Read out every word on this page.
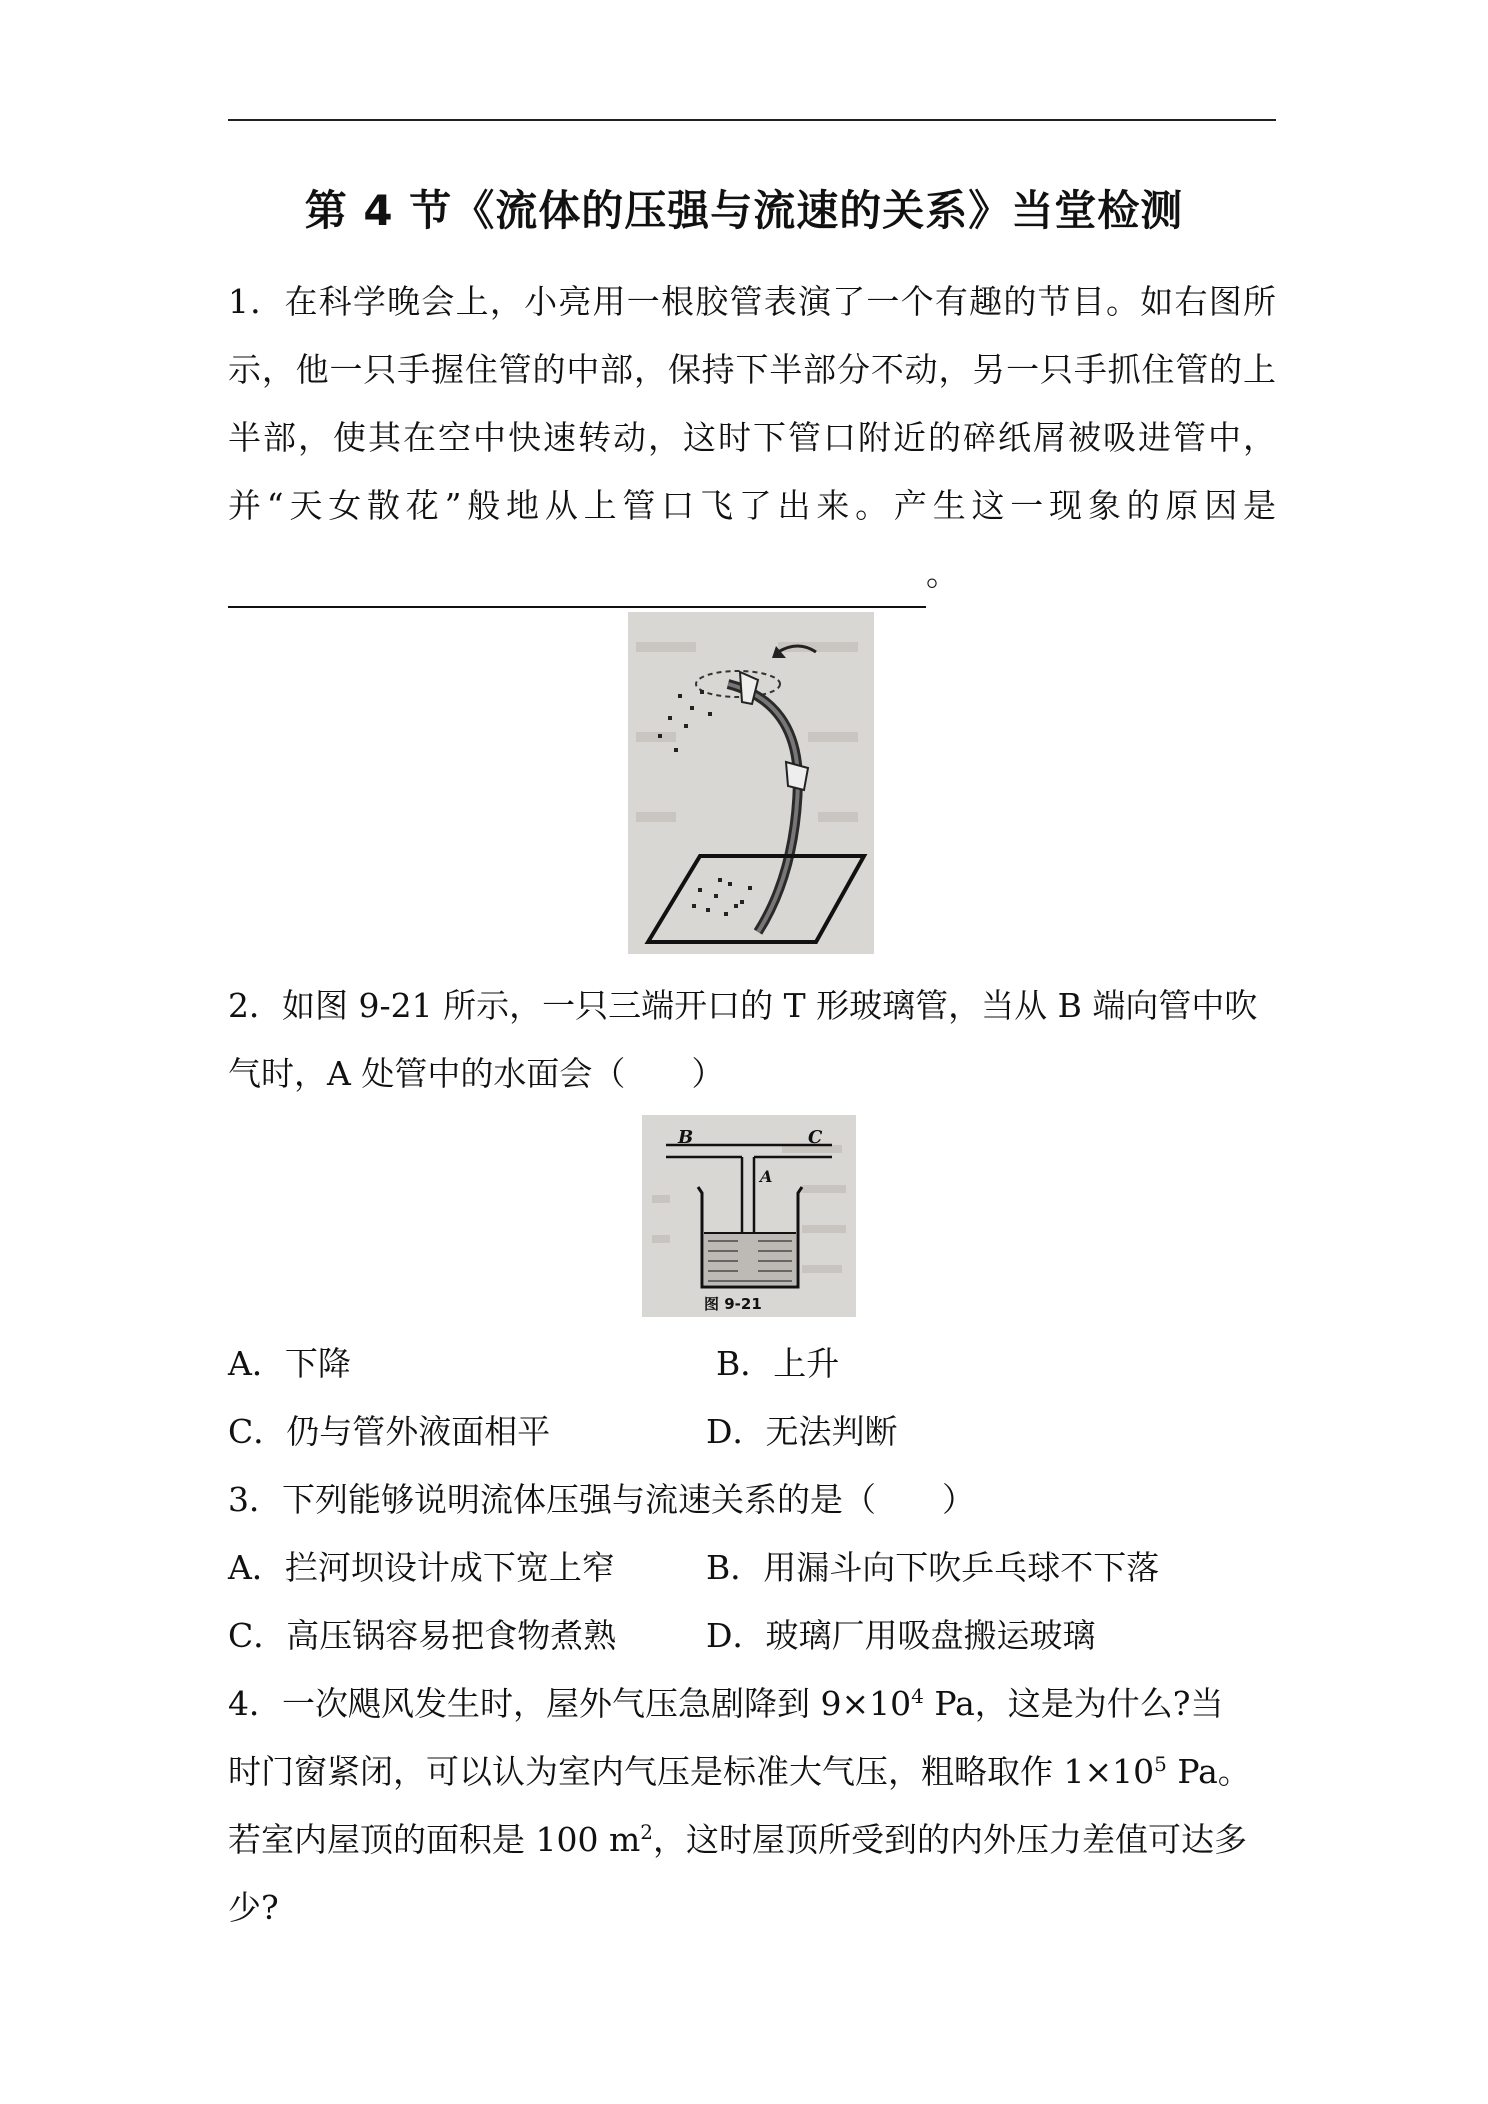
第 4 节《流体的压强与流速的关系》当堂检测
1．在科学晚会上，小亮用一根胶管表演了一个有趣的节目。如右图所示，他一只手握住管的中部，保持下半部分不动，另一只手抓住管的上半部，使其在空中快速转动，这时下管口附近的碎纸屑被吸进管中，并“天女散花”般地从上管口飞了出来。产生这一现象的原因是。
2．如图 9-21 所示，一只三端开口的 T 形玻璃管，当从 B 端向管中吹
气时，A 处管中的水面会（　　）
B	C
A
图 9-21
A．下降	B．上升
C．仍与管外液面相平	D．无法判断
3．下列能够说明流体压强与流速关系的是（　　）
A．拦河坝设计成下宽上窄	B．用漏斗向下吹乒乓球不下落
C．高压锅容易把食物煮熟	D．玻璃厂用吸盘搬运玻璃
4．一次飓风发生时，屋外气压急剧降到 $9\times 10^4$ Pa，这是为什么?当
时门窗紧闭，可以认为室内气压是标准大气压，粗略取作 $1\times 10^5$ Pa。
若室内屋顶的面积是 100 $m^2$，这时屋顶所受到的内外压力差值可达多
少?
